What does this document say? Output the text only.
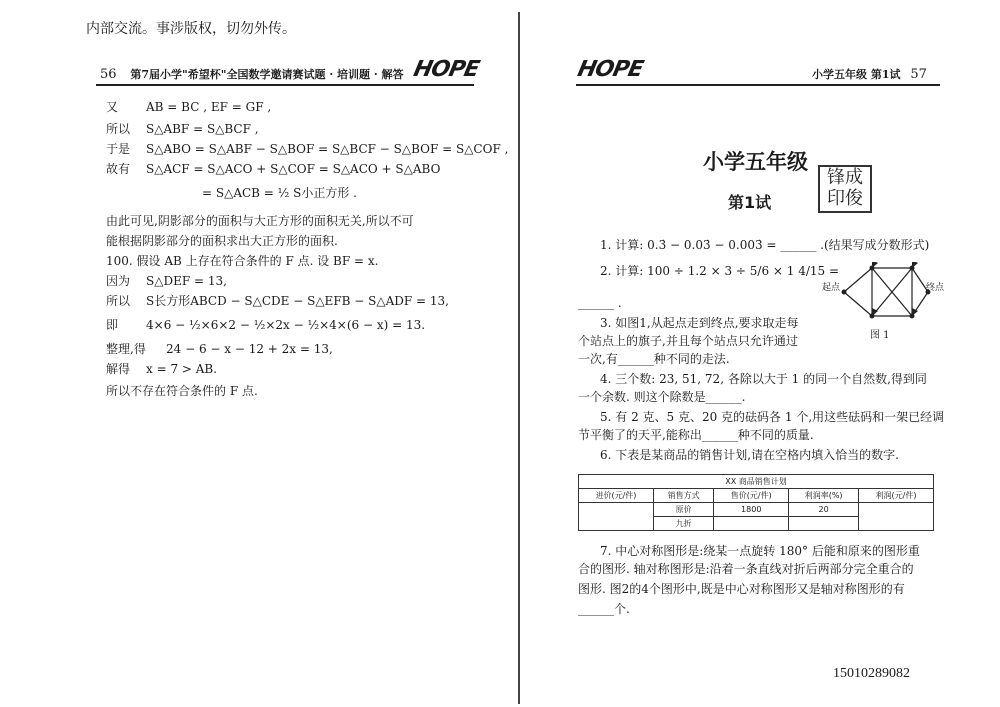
内部交流。事涉版权，切勿外传。
56 第7届小学"希望杯"全国数学邀请赛试题 · 培训题 · 解答 HOPE
又 AB = BC , EF = GF ,
所以 S△ABF = S△BCF ,
于是 S△ABO = S△ABF − S△BOF = S△BCF − S△BOF = S△COF ,
故有 S△ACF = S△ACO + S△COF = S△ACO + S△ABO
= S△ACB = ½ S小正方形 .
由此可见,阴影部分的面积与大正方形的面积无关,所以不可
能根据阴影部分的面积求出大正方形的面积.
100. 假设 AB 上存在符合条件的 F 点. 设 BF = x.
因为 S△DEF = 13,
所以 S长方形ABCD − S△CDE − S△EFB − S△ADF = 13,
即 4×6 − ½×6×2 − ½×2x − ½×4×(6 − x) = 13.
整理,得 24 − 6 − x − 12 + 2x = 13,
解得 x = 7 > AB.
所以不存在符合条件的 F 点.
HOPE	小学五年级 第1试 57
小学五年级
第1试
锋成
印俊
1. 计算: 0.3̇ − 0.03̇ − 0.003̇ = ______ .(结果写成分数形式)
2. 计算: 100 ÷ 1.2 × 3 ÷ 5/6 × 1 4/15 =
______ .
3. 如图1,从起点走到终点,要求取走每
个站点上的旗子,并且每个站点只允许通过
一次,有______种不同的走法.
4. 三个数: 23, 51, 72, 各除以大于 1 的同一个自然数,得到同
一个余数. 则这个除数是______.
5. 有 2 克、5 克、20 克的砝码各 1 个,用这些砝码和一架已经调
节平衡了的天平,能称出______种不同的质量.
6. 下表是某商品的销售计划,请在空格内填入恰当的数字.
7. 中心对称图形是:绕某一点旋转 180° 后能和原来的图形重
合的图形. 轴对称图形是:沿着一条直线对折后两部分完全重合的
图形. 图2的4个图形中,既是中心对称图形又是轴对称图形的有
______个.
起点	终点
图 1
XX 商品销售计划				
进价(元/件)	销售方式	售价(元/件)	利润率(%)	利润(元/件)
	原价	1800	20	
	九折			
15010289082
